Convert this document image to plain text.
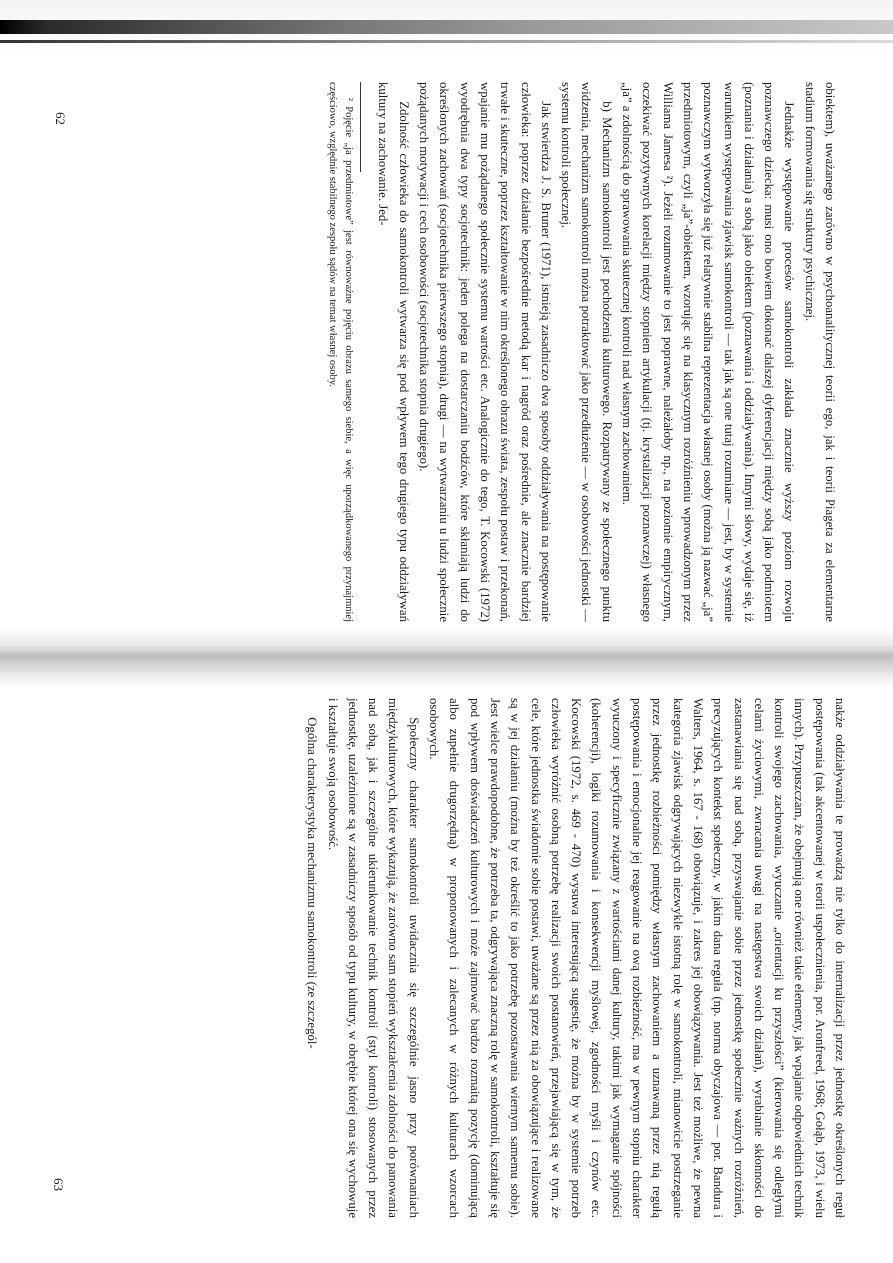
obiektem), uważanego zarówno w psychoanalitycznej teorii ego, jak i teorii Piageta za elementarne stadium formowania się struktury psychicznej.

Jednakże występowanie procesów samokontroli zakłada znacznie wyższy poziom rozwoju poznawczego dziecka: musi ono bowiem dokonać dalszej dyferencjacji między sobą jako podmiotem (poznania i działania) a sobą jako obiektem (poznawania i oddziaływania). Innymi słowy, wydaje się, iż warunkiem występowania zjawisk samokontroli — tak jak są one tutaj rozumiane — jest, by w systemie poznawczym wytworzyła się już relatywnie stabilna reprezentacja własnej osoby (można ją nazwać „ja” przedmiotowym, czyli „ja”-obiektem, wzorując się na klasycznym rozróżnieniu wprowadzonym przez Williama Jamesa ²). Jeżeli rozumowanie to jest poprawne, należałoby np., na poziomie empirycznym, oczekiwać pozytywnych korelacji między stopniem artykulacji (tj. krystalizacji poznawczej) własnego „ja” a zdolnością do sprawowania skutecznej kontroli nad własnym zachowaniem.

b) Mechanizm samokontroli jest pochodzenia kulturowego. Rozpatrywany ze społecznego punktu widzenia, mechanizm samokontroli można potraktować jako przedłużenie — w osobowości jednostki — systemu kontroli społecznej.

Jak stwierdza J. S. Bruner (1971), istnieją zasadniczo dwa sposoby oddziaływania na postępowanie człowieka: poprzez działanie bezpośrednie metodą kar i nagród oraz pośrednie, ale znacznie bardziej trwałe i skuteczne, poprzez kształtowanie w nim określonego obrazu świata, zespołu postaw i przekonań, wpajanie mu pożądanego społecznie systemu wartości etc. Analogicznie do tego, T. Kocowski (1972) wyodrębnia dwa typy socjotechnik: jeden polega na dostarczaniu bodźców, które skłaniają ludzi do określonych zachowań (socjotechnika pierwszego stopnia), drugi — na wytwarzaniu u ludzi społecznie pożądanych motywacji i cech osobowości (socjotechnika stopnia drugiego).

Zdolność człowieka do samokontroli wytwarza się pod wpływem tego drugiego typu oddziaływań kultury na zachowanie. Jed-

² Pojęcie „ja przedmiotowe” jest równoważne pojęciu obrazu samego siebie, a więc uporządkowanego przynajmniej częściowo, względnie stabilnego zespołu sądów na temat własnej osoby.

62

nakże oddziaływania te prowadzą nie tylko do internalizacji przez jednostkę określonych reguł postępowania (tak akcentowanej w teorii uspołecznienia, por. Aronfreed, 1968; Gołąb, 1973, i wielu innych). Przypuszczam, że obejmują one również takie elementy, jak wpajanie odpowiednich technik kontroli swojego zachowania, wyuczanie „orientacji ku przyszłości” (kierowania się odległymi celami życiowymi, zwracania uwagi na następstwa swoich działań), wyrabianie skłonności do zastanawiania się nad sobą, przyswajanie sobie przez jednostkę społecznie ważnych rozróżnień, precyzujących kontekst społeczny, w jakim dana reguła (np. norma obyczajowa — por. Bandura i Walters, 1964, s. 167 - 168) obowiązuje, i zakres jej obowiązywania. Jest też możliwe, że pewna kategoria zjawisk odgrywających niezwykle istotną rolę w samokontroli, mianowicie postrzeganie przez jednostkę rozbieżności pomiędzy własnym zachowaniem a uznawaną przez nią regułą postępowania i emocjonalne jej reagowanie na ową rozbieżność, ma w pewnym stopniu charakter wyuczony i specyficznie związany z wartościami danej kultury, takimi jak wymaganie spójności (koherencji), logiki rozumowania i konsekwencji myślowej, zgodności myśli i czynów etc. Kocowski (1972, s. 469 - 470) wysuwa interesującą sugestię, że można by w systemie potrzeb człowieka wyróżnić osobną potrzebę realizacji swoich postanowień, przejawiającą się w tym, że cele, które jednostka świadomie sobie postawi, uważane są przez nią za obowiązujące i realizowane są w jej działaniu (można by też określić to jako potrzebę pozostawania wiernym samemu sobie). Jest wielce prawdopodobne, że potrzeba ta, odgrywająca znaczną rolę w samokontroli, kształtuje się pod wpływem doświadczeń kulturowych i może zajmować bardzo rozmaitą pozycję (dominującą albo zupełnie drugorzędną) w proponowanych i zalecanych w różnych kulturach wzorcach osobowych.

Społeczny charakter samokontroli uwidacznia się szczególnie jasno przy porównaniach międzykulturowych, które wykazują, że zarówno sam stopień wykształcenia zdolności do panowania nad sobą, jak i szczególne ukierunkowanie technik kontroli (styl kontroli) stosowanych przez jednostkę, uzależnione są w zasadniczy sposób od typu kultury, w obrębie której ona się wychowuje i kształtuje swoją osobowość.

Ogólna charakterystyka mechanizmu samokontroli (ze szczegól-

63
